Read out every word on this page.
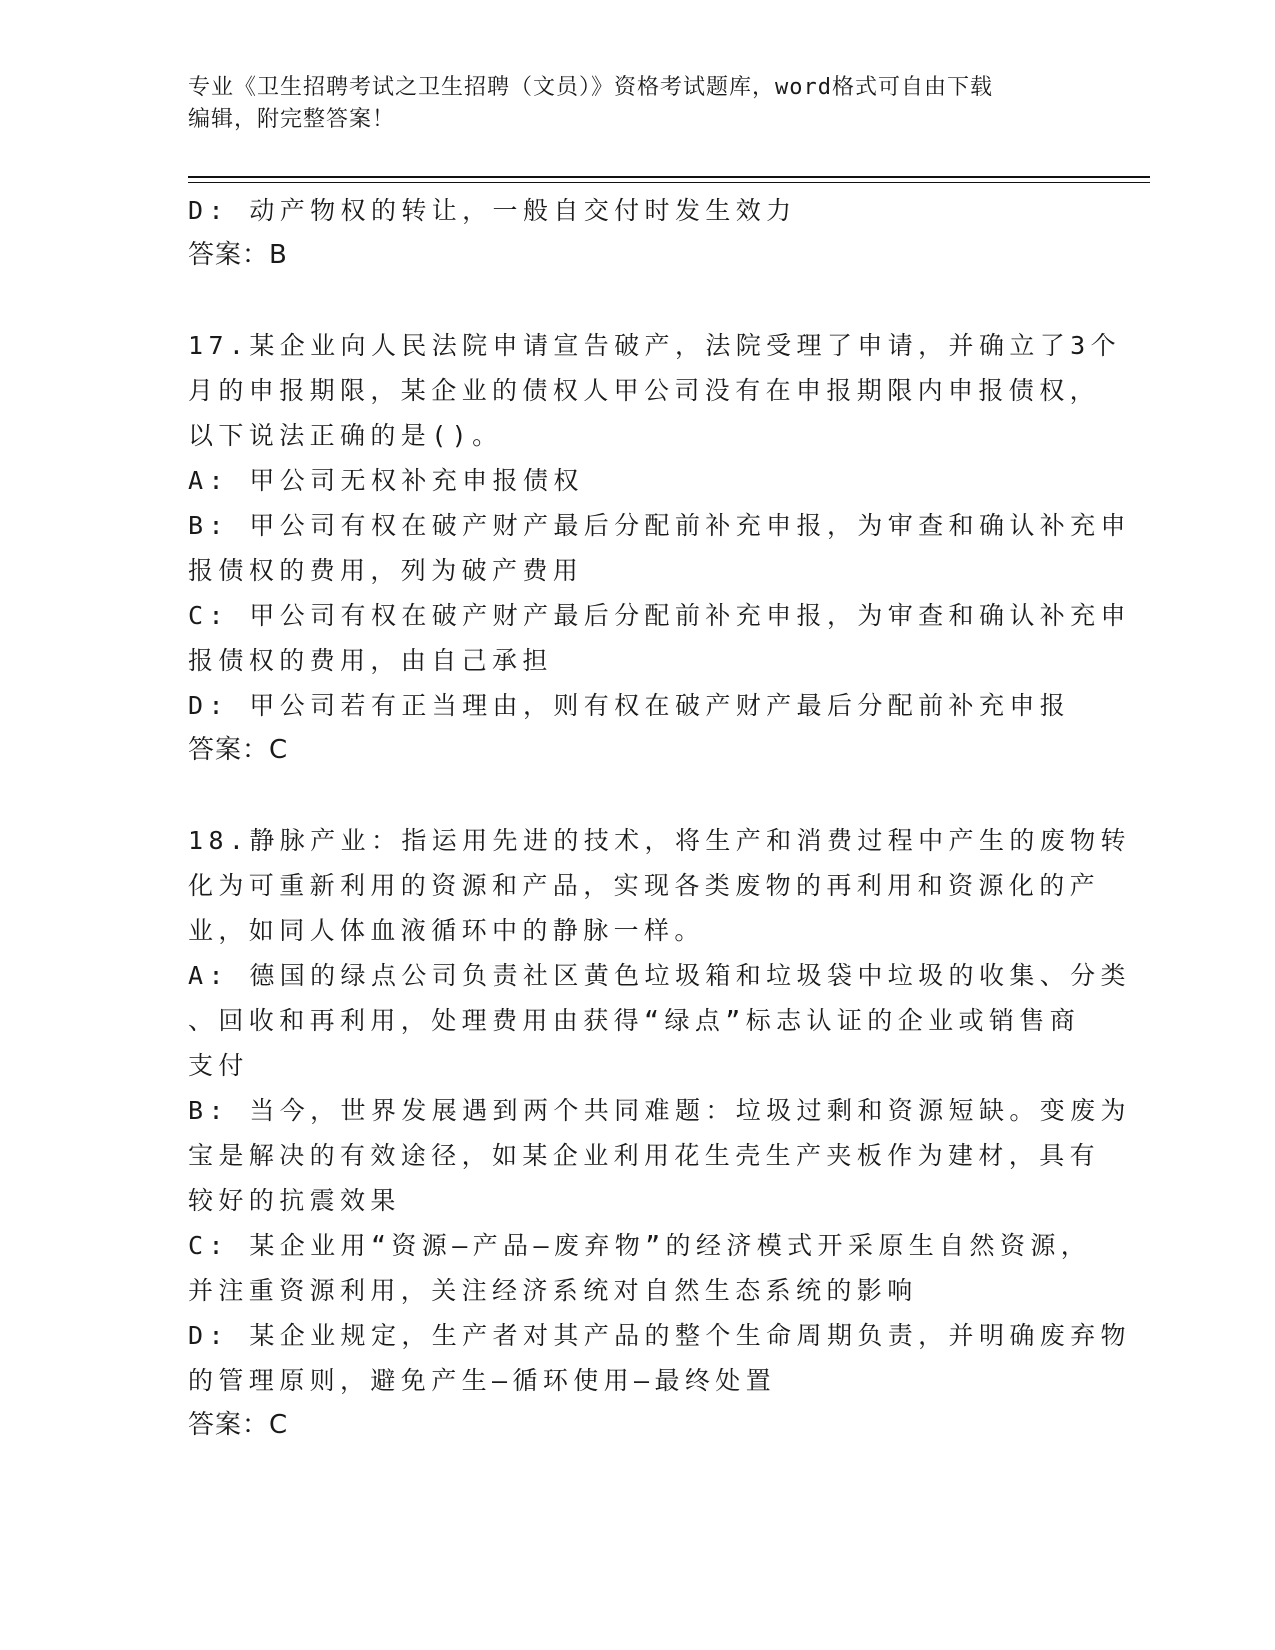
专业《卫生招聘考试之卫生招聘（文员）》资格考试题库，word格式可自由下载
编辑，附完整答案！

D: 动产物权的转让，一般自交付时发生效力

答案：B

17.某企业向人民法院申请宣告破产，法院受理了申请，并确立了3个

月的申报期限，某企业的债权人甲公司没有在申报期限内申报债权，

以下说法正确的是()。

A: 甲公司无权补充申报债权

B: 甲公司有权在破产财产最后分配前补充申报，为审查和确认补充申

报债权的费用，列为破产费用

C: 甲公司有权在破产财产最后分配前补充申报，为审查和确认补充申

报债权的费用，由自己承担

D: 甲公司若有正当理由，则有权在破产财产最后分配前补充申报

答案：C

18.静脉产业：指运用先进的技术，将生产和消费过程中产生的废物转

化为可重新利用的资源和产品，实现各类废物的再利用和资源化的产

业，如同人体血液循环中的静脉一样。

A: 德国的绿点公司负责社区黄色垃圾箱和垃圾袋中垃圾的收集、分类

、回收和再利用，处理费用由获得“绿点”标志认证的企业或销售商

支付

B: 当今，世界发展遇到两个共同难题：垃圾过剩和资源短缺。变废为

宝是解决的有效途径，如某企业利用花生壳生产夹板作为建材，具有

较好的抗震效果

C: 某企业用“资源—产品—废弃物”的经济模式开采原生自然资源，

并注重资源利用，关注经济系统对自然生态系统的影响

D: 某企业规定，生产者对其产品的整个生命周期负责，并明确废弃物

的管理原则，避免产生—循环使用—最终处置

答案：C
